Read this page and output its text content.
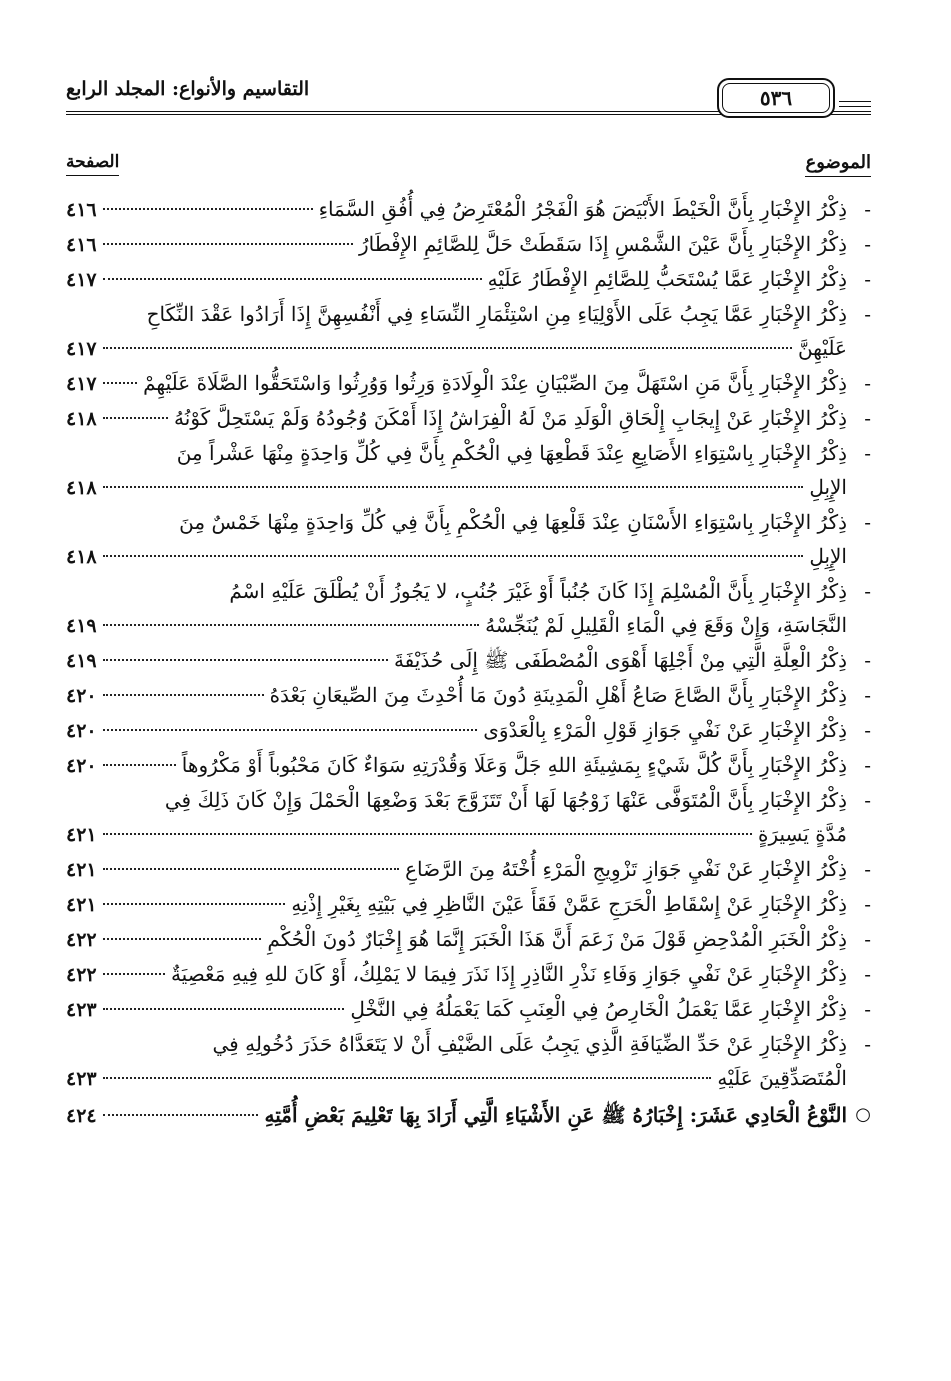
٥٣٦
التقاسيم والأنواع: المجلد الرابع
الموضوع
الصفحة
-
ذِكْرُ الإِخْبَارِ بِأَنَّ الْخَيْطَ الأَبْيَضَ هُوَ الْفَجْرُ الْمُعْتَرِضُ فِي أُفُقِ السَّمَاءِ
٤١٦
-
ذِكْرُ الإِخْبَارِ بِأَنَّ عَيْنَ الشَّمْسِ إِذَا سَقَطَتْ حَلَّ لِلصَّائِمِ الإِفْطَارُ
٤١٦
-
ذِكْرُ الإِخْبَارِ عَمَّا يُسْتَحَبُّ لِلصَّائِمِ الإِفْطَارُ عَلَيْهِ
٤١٧
-
ذِكْرُ الإِخْبَارِ عَمَّا يَجِبُ عَلَى الأَوْلِيَاءِ مِنِ اسْتِئْمَارِ النِّسَاءِ فِي أَنْفُسِهِنَّ إِذَا أَرَادُوا عَقْدَ النِّكَاحِ
عَلَيْهِنَّ
٤١٧
-
ذِكْرُ الإِخْبَارِ بِأَنَّ مَنِ اسْتَهَلَّ مِنَ الصِّبْيَانِ عِنْدَ الْوِلَادَةِ وَرِثُوا وَوُرِثُوا وَاسْتَحَقُّوا الصَّلَاةَ عَلَيْهِمْ
٤١٧
-
ذِكْرُ الإِخْبَارِ عَنْ إِيجَابِ إِلْحَاقِ الْوَلَدِ مَنْ لَهُ الْفِرَاشُ إِذَا أَمْكَنَ وُجُودُهُ وَلَمْ يَسْتَحِلَّ كَوْنُهُ
٤١٨
-
ذِكْرُ الإِخْبَارِ بِاسْتِوَاءِ الأَصَابِعِ عِنْدَ قَطْعِهَا فِي الْحُكْمِ بِأَنَّ فِي كُلِّ وَاحِدَةٍ مِنْهَا عَشْراً مِنَ
الإِبِلِ
٤١٨
-
ذِكْرُ الإِخْبَارِ بِاسْتِوَاءِ الأَسْنَانِ عِنْدَ قَلْعِهَا فِي الْحُكْمِ بِأَنَّ فِي كُلِّ وَاحِدَةٍ مِنْهَا خَمْسٌ مِنَ
الإِبِلِ
٤١٨
-
ذِكْرُ الإِخْبَارِ بِأَنَّ الْمُسْلِمَ إِذَا كَانَ جُنُباً أَوْ غَيْرَ جُنُبٍ، لا يَجُوزُ أَنْ يُطْلَقَ عَلَيْهِ اسْمُ
النَّجَاسَةِ، وَإِنْ وَقَعَ فِي الْمَاءِ الْقَلِيلِ لَمْ يُنَجِّسْهُ
٤١٩
-
ذِكْرُ الْعِلَّةِ الَّتِي مِنْ أَجْلِهَا أَهْوَى الْمُصْطَفَى ﷺ إِلَى حُذَيْفَةَ
٤١٩
-
ذِكْرُ الإِخْبَارِ بِأَنَّ الصَّاعَ صَاعُ أَهْلِ الْمَدِينَةِ دُونَ مَا أُحْدِثَ مِنَ الصِّيعَانِ بَعْدَهُ
٤٢٠
-
ذِكْرُ الإِخْبَارِ عَنْ نَفْيِ جَوَازِ قَوْلِ الْمَرْءِ بِالْعَدْوَى
٤٢٠
-
ذِكْرُ الإِخْبَارِ بِأَنَّ كُلَّ شَيْءٍ بِمَشِيئَةِ اللهِ جَلَّ وَعَلَا وَقُدْرَتِهِ سَوَاءٌ كَانَ مَحْبُوباً أَوْ مَكْرُوهاً
٤٢٠
-
ذِكْرُ الإِخْبَارِ بِأَنَّ الْمُتَوَفَّى عَنْهَا زَوْجُهَا لَهَا أَنْ تَتَزَوَّجَ بَعْدَ وَضْعِهَا الْحَمْلَ وَإِنْ كَانَ ذَلِكَ فِي
مُدَّةٍ يَسِيرَةٍ
٤٢١
-
ذِكْرُ الإِخْبَارِ عَنْ نَفْيِ جَوَازِ تَزْوِيجِ الْمَرْءِ أُخْتَهُ مِنَ الرَّضَاعِ
٤٢١
-
ذِكْرُ الإِخْبَارِ عَنْ إِسْقَاطِ الْحَرَجِ عَمَّنْ فَقَأَ عَيْنَ النَّاظِرِ فِي بَيْتِهِ بِغَيْرِ إِذْنِهِ
٤٢١
-
ذِكْرُ الْخَبَرِ الْمُدْحِضِ قَوْلَ مَنْ زَعَمَ أَنَّ هَذَا الْخَبَرَ إِنَّمَا هُوَ إِخْبَارٌ دُونَ الْحُكْمِ
٤٢٢
-
ذِكْرُ الإِخْبَارِ عَنْ نَفْيِ جَوَازِ وَفَاءِ نَذْرِ النَّاذِرِ إِذَا نَذَرَ فِيمَا لا يَمْلِكُ، أَوْ كَانَ للهِ فِيهِ مَعْصِيَةٌ
٤٢٢
-
ذِكْرُ الإِخْبَارِ عَمَّا يَعْمَلُ الْخَارِصُ فِي الْعِنَبِ كَمَا يَعْمَلُهُ فِي النَّخْلِ
٤٢٣
-
ذِكْرُ الإِخْبَارِ عَنْ حَدِّ الضِّيَافَةِ الَّذِي يَجِبُ عَلَى الضَّيْفِ أَنْ لا يَتَعَدَّاهُ حَذَرَ دُخُولِهِ فِي
الْمُتَصَدِّقِينَ عَلَيْهِ
٤٢٣
○
النَّوْعُ الْحَادِي عَشَرَ: إِخْبَارُهُ ﷺ عَنِ الأَشْيَاءِ الَّتِي أَرَادَ بِهَا تَعْلِيمَ بَعْضِ أُمَّتِهِ
٤٢٤
